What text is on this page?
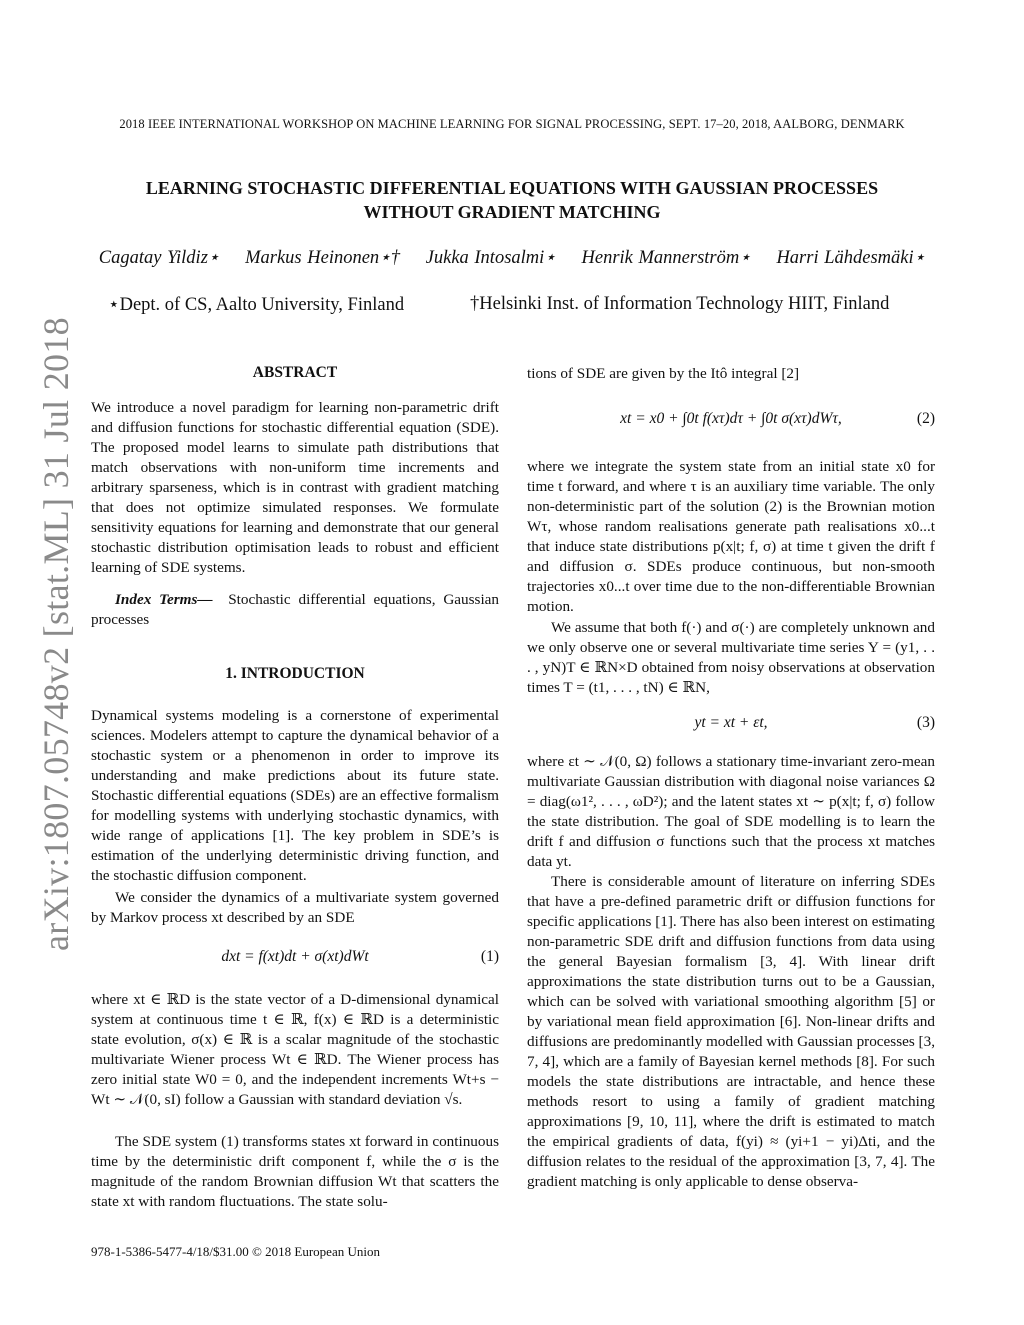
2018 IEEE INTERNATIONAL WORKSHOP ON MACHINE LEARNING FOR SIGNAL PROCESSING, SEPT. 17–20, 2018, AALBORG, DENMARK
LEARNING STOCHASTIC DIFFERENTIAL EQUATIONS WITH GAUSSIAN PROCESSES
WITHOUT GRADIENT MATCHING
Cagatay Yildiz⋆ Markus Heinonen⋆† Jukka Intosalmi⋆ Henrik Mannerström⋆ Harri Lähdesmäki⋆
⋆Dept. of CS, Aalto University, Finland	†Helsinki Inst. of Information Technology HIIT, Finland
arXiv:1807.05748v2 [stat.ML] 31 Jul 2018	ABSTRACT

We introduce a novel paradigm for learning non-parametric drift and diffusion functions for stochastic differential equation (SDE). The proposed model learns to simulate path distributions that match observations with non-uniform time increments and arbitrary sparseness, which is in contrast with gradient matching that does not optimize simulated responses. We formulate sensitivity equations for learning and demonstrate that our general stochastic distribution optimisation leads to robust and efficient learning of SDE systems.

Index Terms— Stochastic differential equations, Gaussian processes

1. INTRODUCTION

Dynamical systems modeling is a cornerstone of experimental sciences. Modelers attempt to capture the dynamical behavior of a stochastic system or a phenomenon in order to improve its understanding and make predictions about its future state. Stochastic differential equations (SDEs) are an effective formalism for modelling systems with underlying stochastic dynamics, with wide range of applications [1]. The key problem in SDE’s is estimation of the underlying deterministic driving function, and the stochastic diffusion component.

We consider the dynamics of a multivariate system governed by Markov process xt described by an SDE

dxt = f(xt)dt + σ(xt)dWt	(1)

where xt ∈ ℝD is the state vector of a D-dimensional dynamical system at continuous time t ∈ ℝ, f(x) ∈ ℝD is a deterministic state evolution, σ(x) ∈ ℝ is a scalar magnitude of the stochastic multivariate Wiener process Wt ∈ ℝD. The Wiener process has zero initial state W0 = 0, and the independent increments Wt+s − Wt ∼ 𝒩(0, sI) follow a Gaussian with standard deviation √s.

The SDE system (1) transforms states xt forward in continuous time by the deterministic drift component f, while the σ is the magnitude of the random Brownian diffusion Wt that scatters the state xt with random fluctuations. The state solu-

tions of SDE are given by the Itô integral [2]

xt = x0 + ∫0t f(xτ)dτ + ∫0t σ(xτ)dWτ,	(2)

where we integrate the system state from an initial state x0 for time t forward, and where τ is an auxiliary time variable. The only non-deterministic part of the solution (2) is the Brownian motion Wτ, whose random realisations generate path realisations x0...t that induce state distributions p(x|t; f, σ) at time t given the drift f and diffusion σ. SDEs produce continuous, but non-smooth trajectories x0...t over time due to the non-differentiable Brownian motion.

We assume that both f(·) and σ(·) are completely unknown and we only observe one or several multivariate time series Y = (y1, . . . , yN)T ∈ ℝN×D obtained from noisy observations at observation times T = (t1, . . . , tN) ∈ ℝN,

yt = xt + εt,	(3)

where εt ∼ 𝒩(0, Ω) follows a stationary time-invariant zero-mean multivariate Gaussian distribution with diagonal noise variances Ω = diag(ω1², . . . , ωD²); and the latent states xt ∼ p(x|t; f, σ) follow the state distribution. The goal of SDE modelling is to learn the drift f and diffusion σ functions such that the process xt matches data yt.

There is considerable amount of literature on inferring SDEs that have a pre-defined parametric drift or diffusion functions for specific applications [1]. There has also been interest on estimating non-parametric SDE drift and diffusion functions from data using the general Bayesian formalism [3, 4]. With linear drift approximations the state distribution turns out to be a Gaussian, which can be solved with variational smoothing algorithm [5] or by variational mean field approximation [6]. Non-linear drifts and diffusions are predominantly modelled with Gaussian processes [3, 7, 4], which are a family of Bayesian kernel methods [8]. For such models the state distributions are intractable, and hence these methods resort to using a family of gradient matching approximations [9, 10, 11], where the drift is estimated to match the empirical gradients of data, f(yi) ≈ (yi+1 − yi)Δti, and the diffusion relates to the residual of the approximation [3, 7, 4]. The gradient matching is only applicable to dense observa-

978-1-5386-5477-4/18/$31.00 © 2018 European Union
